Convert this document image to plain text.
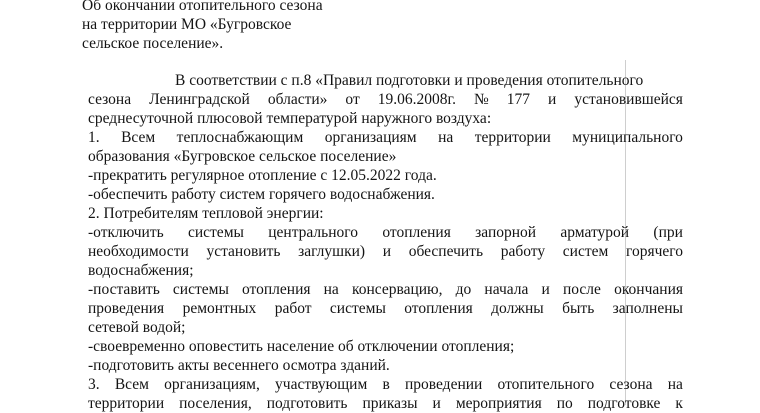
Об окончании отопительного сезона
на территории МО «Бугровское
сельское поселение».
В соответствии с п.8 «Правил подготовки и проведения отопительного
сезона Ленинградской области» от 19.06.2008г. № 177 и установившейся
среднесуточной плюсовой температурой наружного воздуха:
1. Всем теплоснабжающим организациям на территории муниципального
образования «Бугровское сельское поселение»
-прекратить регулярное отопление с 12.05.2022 года.
-обеспечить работу систем горячего водоснабжения.
2. Потребителям тепловой энергии:
-отключить системы центрального отопления запорной арматурой (при
необходимости установить заглушки) и обеспечить работу систем горячего
водоснабжения;
-поставить системы отопления на консервацию, до начала и после окончания
проведения ремонтных работ системы отопления должны быть заполнены
сетевой водой;
-своевременно оповестить население об отключении отопления;
-подготовить акты весеннего осмотра зданий.
3. Всем организациям, участвующим в проведении отопительного сезона на
территории поселения, подготовить приказы и мероприятия по подготовке к
